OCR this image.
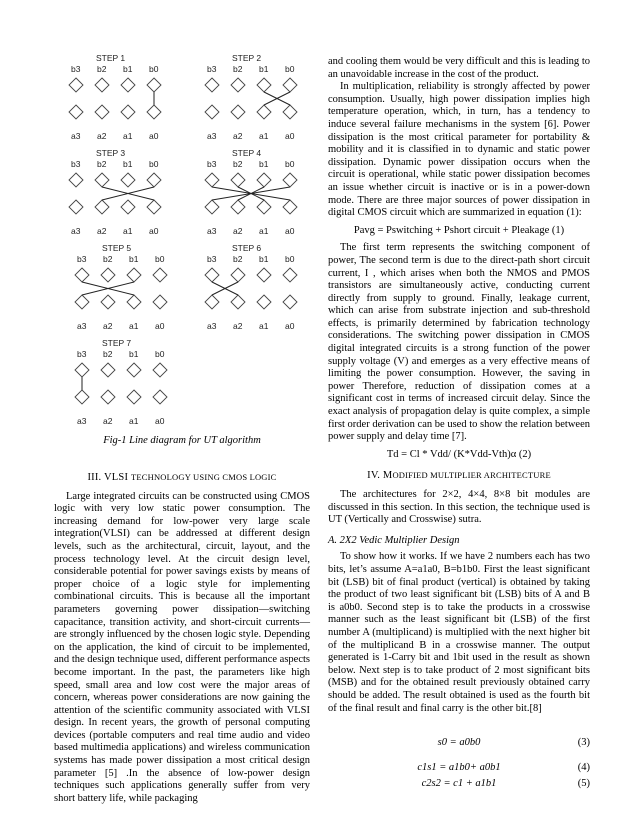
STEP 1
b3
a3
b2
a2
b1
a1
b0
a0
STEP 2
b3
a3
b2
a2
b1
a1
b0
a0
STEP 3
b3
a3
b2
a2
b1
a1
b0
a0
STEP 4
b3
a3
b2
a2
b1
a1
b0
a0
STEP 5
b3
a3
b2
a2
b1
a1
b0
a0
STEP 6
b3
a3
b2
a2
b1
a1
b0
a0
STEP 7
b3
a3
b2
a2
b1
a1
b0
a0

Fig-1 Line diagram for UT algorithm

III. VLSI TECHNOLOGY USING CMOS LOGIC

Large integrated circuits can be constructed using CMOS logic with very low static power consumption. The increasing demand for low-power very large scale integration(VLSI) can be addressed at different design levels, such as the architectural, circuit, layout, and the process technology level. At the circuit design level, considerable potential for power savings exists by means of proper choice of a logic style for implementing combinational circuits. This is because all the important parameters governing power dissipation—switching capacitance, transition activity, and short-circuit currents—are strongly influenced by the chosen logic style. Depending on the application, the kind of circuit to be implemented, and the design technique used, different performance aspects become important. In the past, the parameters like high speed, small area and low cost were the major areas of concern, whereas power considerations are now gaining the attention of the scientific community associated with VLSI design. In recent years, the growth of personal computing devices (portable computers and real time audio and video based multimedia applications) and wireless communication systems has made power dissipation a most critical design parameter [5] .In the absence of low-power design techniques such applications generally suffer from very short battery life, while packaging

and cooling them would be very difficult and this is leading to an unavoidable increase in the cost of the product.

In multiplication, reliability is strongly affected by power consumption. Usually, high power dissipation implies high temperature operation, which, in turn, has a tendency to induce several failure mechanisms in the system [6]. Power dissipation is the most critical parameter for portability & mobility and it is classified in to dynamic and static power dissipation. Dynamic power dissipation occurs when the circuit is operational, while static power dissipation becomes an issue whether circuit is inactive or is in a power-down mode. There are three major sources of power dissipation in digital CMOS circuit which are summarized in equation (1):

Pavg = Pswitching + Pshort circuit + Pleakage (1)

The first term represents the switching component of power, The second term is due to the direct-path short circuit current, I , which arises when both the NMOS and PMOS transistors are simultaneously active, conducting current directly from supply to ground. Finally, leakage current, which can arise from substrate injection and sub-threshold effects, is primarily determined by fabrication technology considerations. The switching power dissipation in CMOS digital integrated circuits is a strong function of the power supply voltage (V) and emerges as a very effective means of limiting the power consumption. However, the saving in power Therefore, reduction of dissipation comes at a significant cost in terms of increased circuit delay. Since the exact analysis of propagation delay is quite complex, a simple first order derivation can be used to show the relation between power supply and delay time [7].

Td = Cl * Vdd/ (K*Vdd-Vth)α (2)

IV. MODIFIED MULTIPLIER ARCHITECTURE

The architectures for 2×2, 4×4, 8×8 bit modules are discussed in this section. In this section, the technique used is UT (Vertically and Crosswise) sutra.

A. 2X2 Vedic Multiplier Design

To show how it works. If we have 2 numbers each has two bits, let’s assume A=a1a0, B=b1b0. First the least significant bit (LSB) bit of final product (vertical) is obtained by taking the product of two least significant bit (LSB) bits of A and B is a0b0. Second step is to take the products in a crosswise manner such as the least significant bit (LSB) of the first number A (multiplicand) is multiplied with the next higher bit of the multiplicand B in a crosswise manner. The output generated is 1-Carry bit and 1bit used in the result as shown below. Next step is to take product of 2 most significant bits (MSB) and for the obtained result previously obtained carry should be added. The result obtained is used as the fourth bit of the final result and final carry is the other bit.[8]

s0 = a0b0	(3)

c1s1 = a1b0+ a0b1	(4)

c2s2 = c1 + a1b1	(5)
